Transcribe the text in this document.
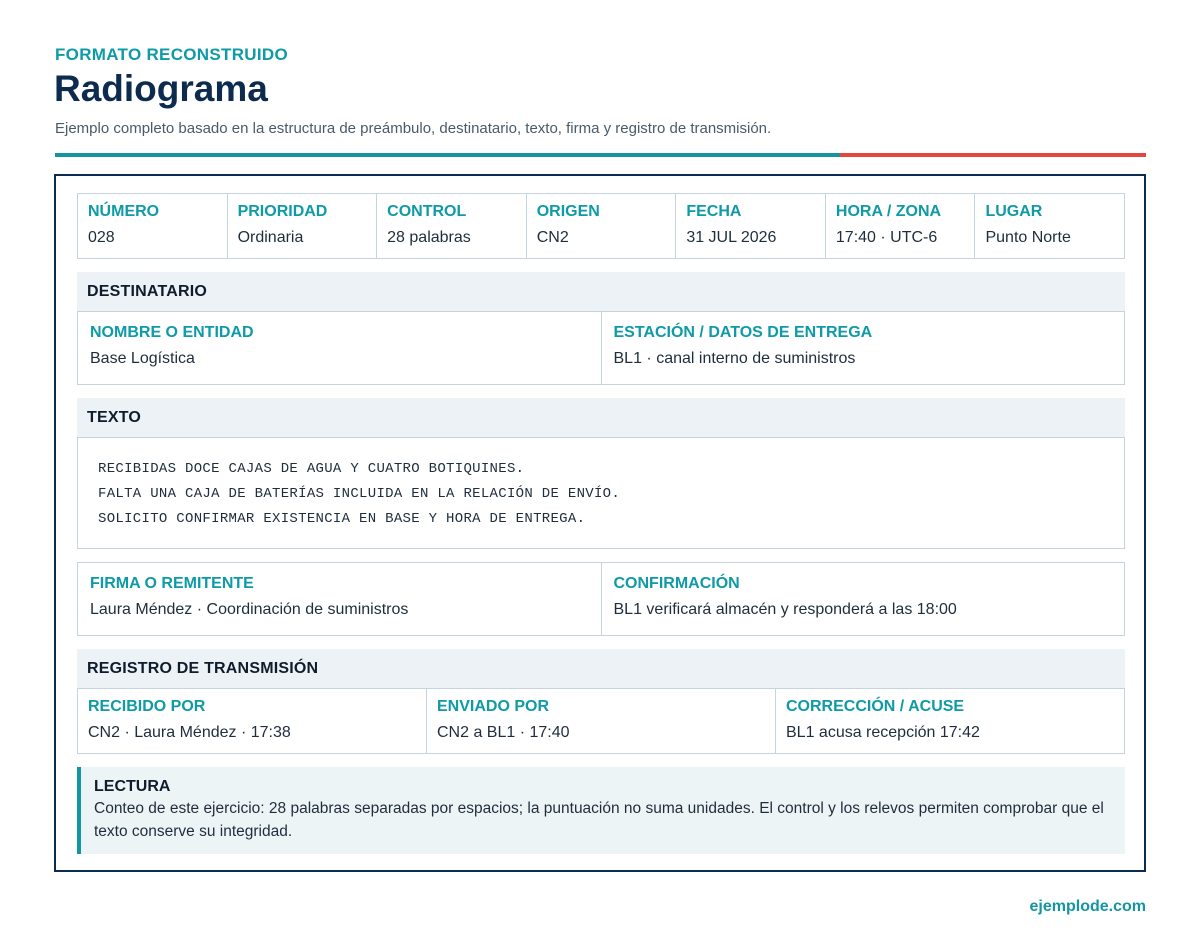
FORMATO RECONSTRUIDO
Radiograma
Ejemplo completo basado en la estructura de preámbulo, destinatario, texto, firma y registro de transmisión.
NÚMERO
028
PRIORIDAD
Ordinaria
CONTROL
28 palabras
ORIGEN
CN2
FECHA
31 JUL 2026
HORA / ZONA
17:40 · UTC-6
LUGAR
Punto Norte
DESTINATARIO
NOMBRE O ENTIDAD
Base Logística
ESTACIÓN / DATOS DE ENTREGA
BL1 · canal interno de suministros
TEXTO
RECIBIDAS DOCE CAJAS DE AGUA Y CUATRO BOTIQUINES.
FALTA UNA CAJA DE BATERÍAS INCLUIDA EN LA RELACIÓN DE ENVÍO.
SOLICITO CONFIRMAR EXISTENCIA EN BASE Y HORA DE ENTREGA.
FIRMA O REMITENTE
Laura Méndez · Coordinación de suministros
CONFIRMACIÓN
BL1 verificará almacén y responderá a las 18:00
REGISTRO DE TRANSMISIÓN
RECIBIDO POR
CN2 · Laura Méndez · 17:38
ENVIADO POR
CN2 a BL1 · 17:40
CORRECCIÓN / ACUSE
BL1 acusa recepción 17:42
LECTURA
Conteo de este ejercicio: 28 palabras separadas por espacios; la puntuación no suma unidades. El control y los relevos permiten comprobar que el texto conserve su integridad.
ejemplode.com
